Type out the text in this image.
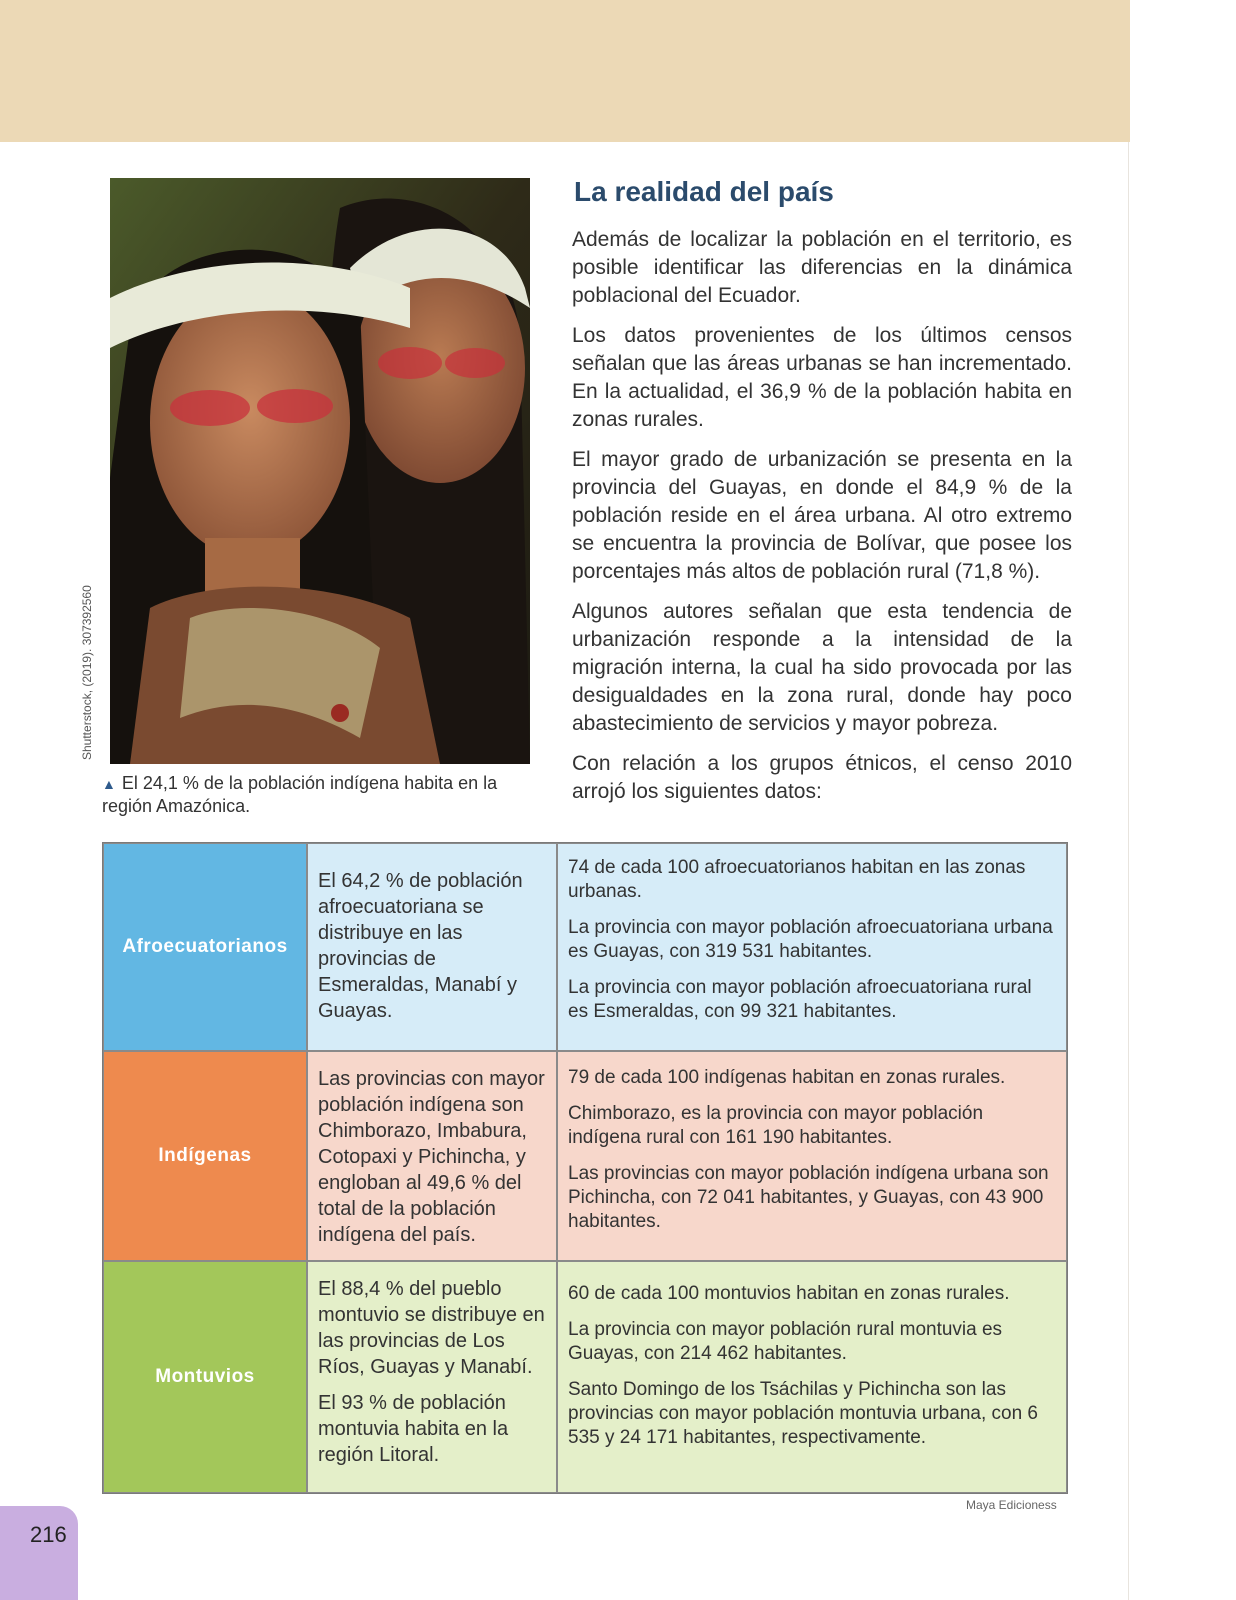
Shutterstock, (2019). 307392560
▲ El 24,1 % de la población indígena habita en la región Amazónica.
La realidad del país

Además de localizar la población en el territorio, es posible identificar las diferencias en la dinámica poblacional del Ecuador.

Los datos provenientes de los últimos censos señalan que las áreas urbanas se han incrementado. En la actualidad, el 36,9 % de la población habita en zonas rurales.

El mayor grado de urbanización se presenta en la provincia del Guayas, en donde el 84,9 % de la población reside en el área urbana. Al otro extremo se encuentra la provincia de Bolívar, que posee los porcentajes más altos de población rural (71,8 %).

Algunos autores señalan que esta tendencia de urbanización responde a la intensidad de la migración interna, la cual ha sido provocada por las desigualdades en la zona rural, donde hay poco abastecimiento de servicios y mayor pobreza.

Con relación a los grupos étnicos, el censo 2010 arrojó los siguientes datos:

Afroecuatorianos

El 64,2 % de población afroecuatoriana se distribuye en las provincias de Esmeraldas, Manabí y Guayas.

74 de cada 100 afroecuatorianos habitan en las zonas urbanas.

La provincia con mayor población afroecuatoriana urbana es Guayas, con 319 531 habitantes.

La provincia con mayor población afroecuatoriana rural es Esmeraldas, con 99 321 habitantes.

Indígenas

Las provincias con mayor población indígena son Chimborazo, Imbabura, Cotopaxi y Pichincha, y engloban al 49,6 % del total de la población indígena del país.

79 de cada 100 indígenas habitan en zonas rurales.

Chimborazo, es la provincia con mayor población indígena rural con 161 190 habitantes.

Las provincias con mayor población indígena urbana son Pichincha, con 72 041 habitantes, y Guayas, con 43 900 habitantes.

Montuvios

El 88,4 % del pueblo montuvio se distribuye en las provincias de Los Ríos, Guayas y Manabí.

El 93 % de población montuvia habita en la región Litoral.

60 de cada 100 montuvios habitan en zonas rurales.

La provincia con mayor población rural montuvia es Guayas, con 214 462 habitantes.

Santo Domingo de los Tsáchilas y Pichincha son las provincias con mayor población montuvia urbana, con 6 535 y 24 171 habitantes, respectivamente.

Maya Edicioness
216
